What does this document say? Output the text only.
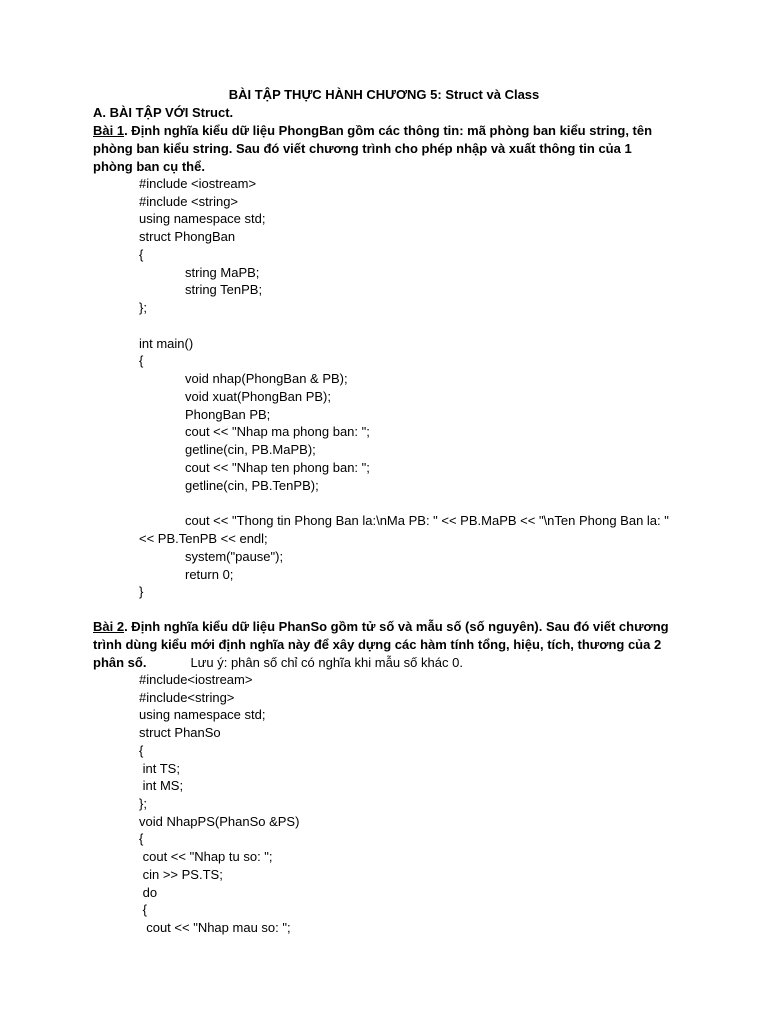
BÀI TẬP THỰC HÀNH CHƯƠNG 5: Struct và Class
A. BÀI TẬP VỚI Struct.
Bài 1. Định nghĩa kiểu dữ liệu PhongBan gồm các thông tin: mã phòng ban kiểu string, tên phòng ban kiểu string. Sau đó viết chương trình cho phép nhập và xuất thông tin của 1 phòng ban cụ thể.
#include <iostream>
#include <string>
using namespace std;
struct PhongBan
{
string MaPB;
string TenPB;
};
int main()
{
void nhap(PhongBan & PB);
void xuat(PhongBan PB);
PhongBan PB;
cout << "Nhap ma phong ban: ";
getline(cin, PB.MaPB);
cout << "Nhap ten phong ban: ";
getline(cin, PB.TenPB);
cout << "Thong tin Phong Ban la:\nMa PB: " << PB.MaPB << "\nTen Phong Ban la: " << PB.TenPB << endl;
system("pause");
return 0;
}
Bài 2. Định nghĩa kiểu dữ liệu PhanSo gồm tử số và mẫu số (số nguyên). Sau đó viết chương trình dùng kiểu mới định nghĩa này để xây dựng các hàm tính tổng, hiệu, tích, thương của 2 phân số.	Lưu ý: phân số chỉ có nghĩa khi mẫu số khác 0.
#include<iostream>
#include<string>
using namespace std;
struct PhanSo
{
int TS;
int MS;
};
void NhapPS(PhanSo &PS)
{
cout << "Nhap tu so: ";
cin >> PS.TS;
do
{
cout << "Nhap mau so: ";
